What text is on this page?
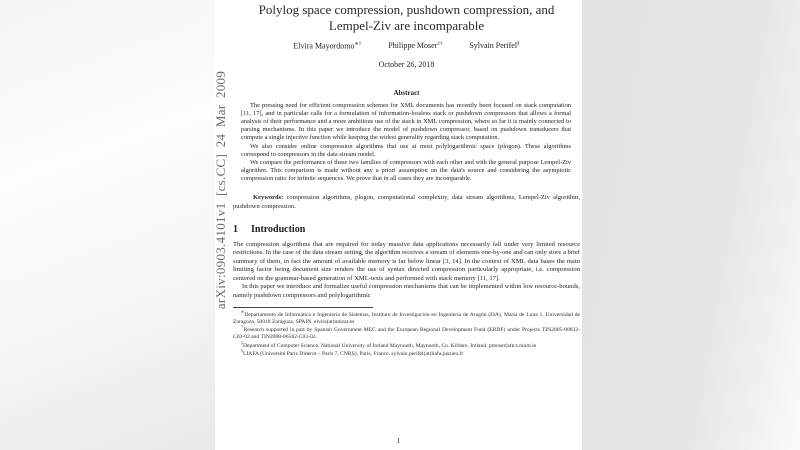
arXiv:0903.4101v1 [cs.CC] 24 Mar 2009

Polylog space compression, pushdown compression, and Lempel-Ziv are incomparable

Elvira Mayordomo∗†	Philippe Moser‡†	Sylvain Perifel§

October 26, 2018

Abstract

The pressing need for efficient compression schemes for XML documents has recently been focused on stack computation [11, 17], and in particular calls for a formulation of information-lossless stack or pushdown compressors that allows a formal analysis of their performance and a more ambitious use of the stack in XML compression, where so far it is mainly connected to parsing mechanisms. In this paper we introduce the model of pushdown compressor, based on pushdown transducers that compute a single injective function while keeping the widest generality regarding stack computation.

We also consider online compression algorithms that use at most polylogarithmic space (plogon). These algorithms correspond to compressors in the data stream model.

We compare the performance of these two families of compressors with each other and with the general purpose Lempel-Ziv algorithm. This comparison is made without any a priori assumption on the data's source and considering the asymptotic compression ratio for infinite sequences. We prove that in all cases they are incomparable.

Keywords: compression algorithms, plogon, computational complexity, data stream algorithms, Lempel-Ziv algorithm, pushdown compression.

1 Introduction

The compression algorithms that are required for today massive data applications necessarily fall under very limited resource restrictions. In the case of the data stream setting, the algorithm receives a stream of elements one-by-one and can only store a brief summary of them, in fact the amount of available memory is far below linear [3, 14]. In the context of XML data bases the main limiting factor being document size renders the use of syntax directed compression particularly appropriate, i.e. compression centered on the grammar-based generation of XML-texts and performed with stack memory [11, 17].

In this paper we introduce and formalize useful compression mechanisms that can be implemented within low resource-bounds, namely pushdown compressors and polylogarithmic

∗Departamento de Informática e Ingeniería de Sistemas, Instituto de Investigación en Ingeniería de Aragón (I3A), María de Luna 1, Universidad de Zaragoza, 50018 Zaragoza, SPAIN. elvira(at)unizar.es

†Research supported in part by Spanish Government MEC and the European Regional Development Fund (ERDF) under Projects TIN2005-08832-C03-02 and TIN2008-06582-C03-02.

‡Department of Computer Science, National University of Ireland Maynooth, Maynooth, Co. Kildare, Ireland. pmoser(at)cs.nuim.ie

§LIAFA (Université Paris Diderot – Paris 7, CNRS), Paris, France. sylvain.perifel(at)liafa.jussieu.fr

1
